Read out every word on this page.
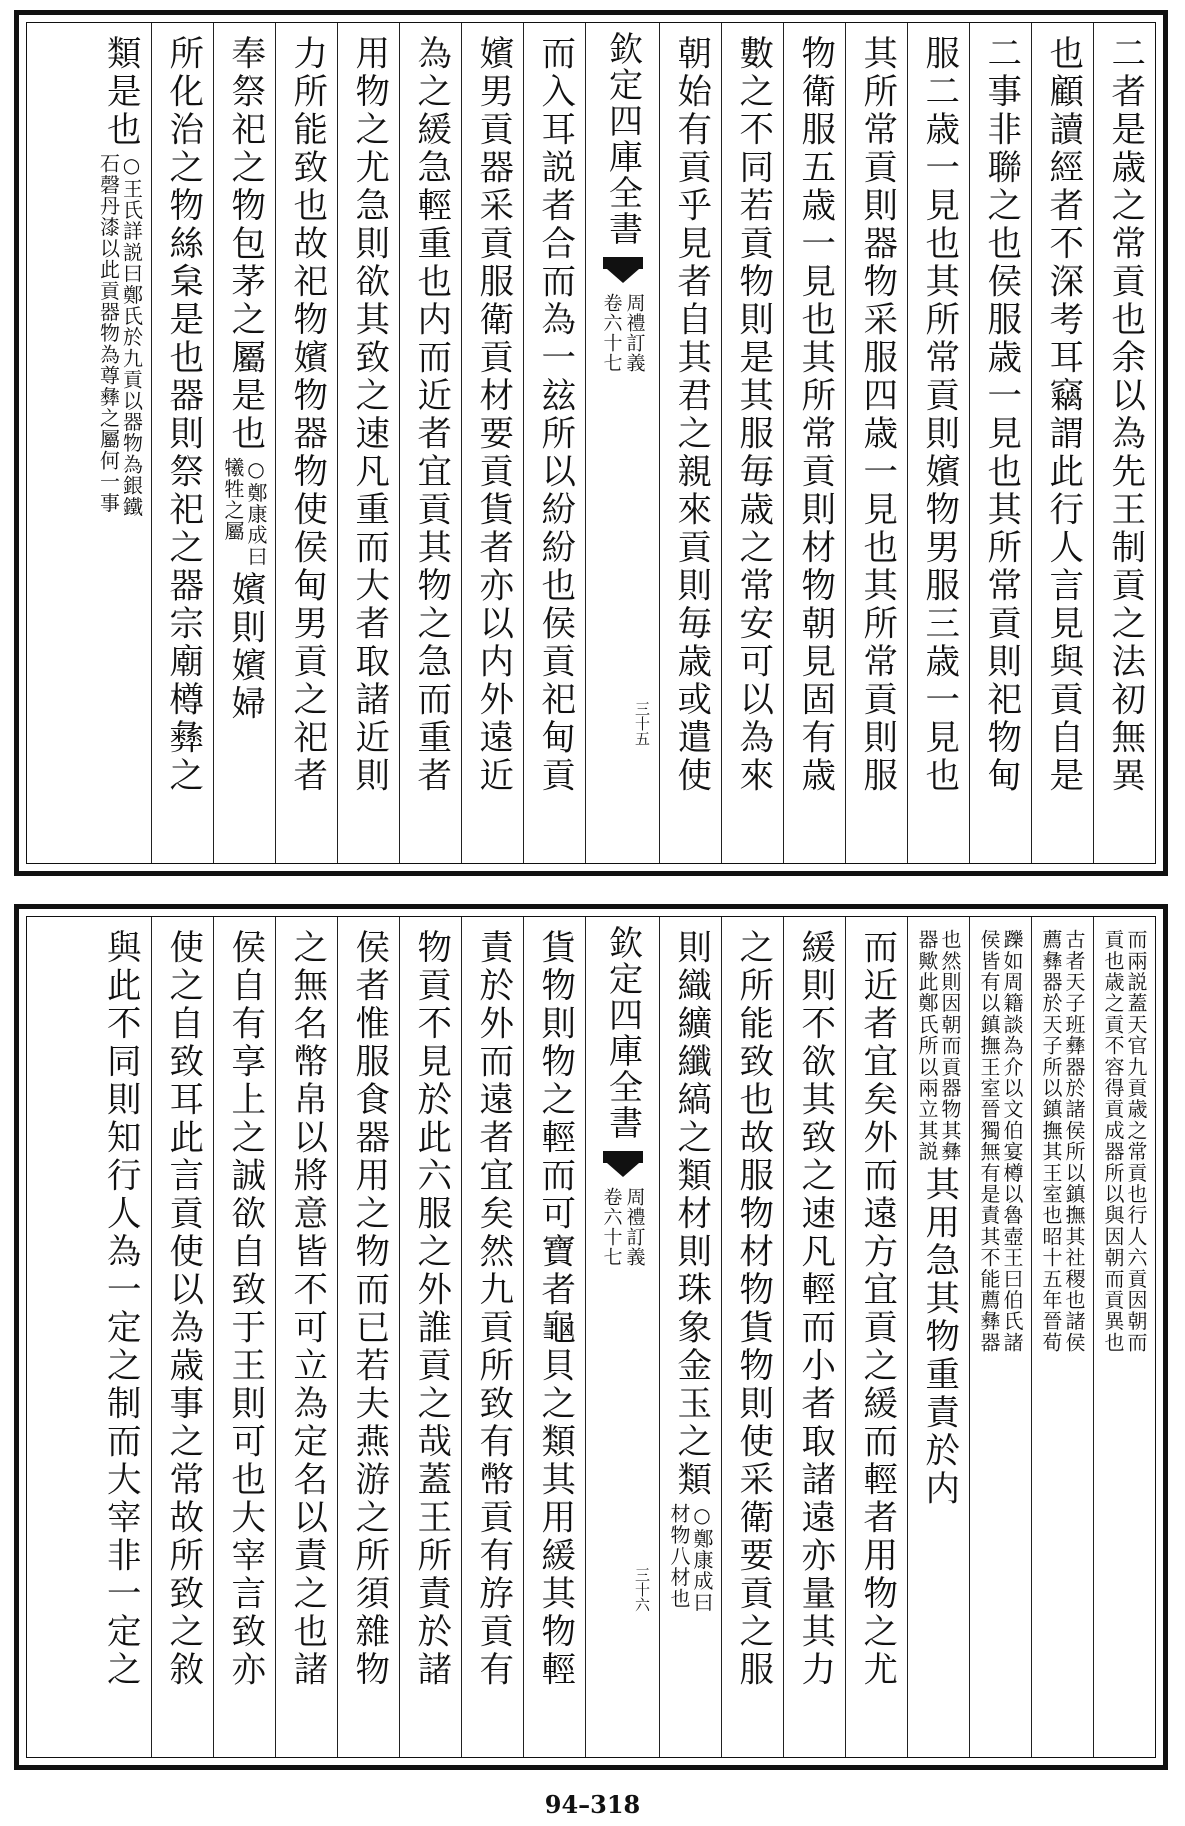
二者是歳之常貢也余以為先王制貢之法初無異
也顧讀經者不深考耳竊謂此行人言見與貢自是
二事非聯之也侯服歳一見也其所常貢則祀物甸
服二歳一見也其所常貢則嬪物男服三歳一見也
其所常貢則器物采服四歳一見也其所常貢則服
物衛服五歳一見也其所常貢則材物朝見固有歳
數之不同若貢物則是其服毎歳之常安可以為來
朝始有貢乎見者自其君之親來貢則毎歳或遣使
欽定四庫全書
周禮訂義
卷六十七
三十五
而入耳説者合而為一玆所以紛紛也侯貢祀甸貢
嬪男貢器采貢服衛貢材要貢貨者亦以内外遠近
為之緩急輕重也内而近者宜貢其物之急而重者
用物之尤急則欲其致之速凡重而大者取諸近則
力所能致也故祀物嬪物器物使侯甸男貢之祀者
奉祭祀之物包茅之屬是也
○鄭康成曰
犧牲之屬
嬪則嬪婦
所化治之物絲枲是也器則祭祀之器宗廟樽彝之
類是也
○王氏詳説曰鄭氏於九貢以器物為銀鐵
石磬丹漆以此貢器物為尊彝之屬何一事
而兩説蓋天官九貢歳之常貢也行人六貢因朝而
貢也歳之貢不容得貢成器所以與因朝而貢異也
古者天子班彝器於諸侯所以鎮撫其社稷也諸侯
薦彝器於天子所以鎮撫其王室也昭十五年晉荀
躒如周籍談為介以文伯宴樽以魯壺王曰伯氏諸
侯皆有以鎮撫王室晉獨無有是責其不能薦彝器
也然則因朝而貢器物其彝
器歟此鄭氏所以兩立其説
其用急其物重責於内
而近者宜矣外而遠方宜貢之緩而輕者用物之尤
緩則不欲其致之速凡輕而小者取諸遠亦量其力
之所能致也故服物材物貨物則使采衛要貢之服
則織纊纖縞之類材則珠象金玉之類
○鄭康成曰
材物八材也
欽定四庫全書
周禮訂義
卷六十七
三十六
貨物則物之輕而可寶者龜貝之類其用緩其物輕
責於外而遠者宜矣然九貢所致有幣貢有斿貢有
物貢不見於此六服之外誰貢之哉蓋王所責於諸
侯者惟服食器用之物而已若夫燕游之所須雜物
之無名幣帛以將意皆不可立為定名以責之也諸
侯自有享上之誠欲自致于王則可也大宰言致亦
使之自致耳此言貢使以為歳事之常故所致之敘
與此不同則知行人為一定之制而大宰非一定之
94–318
